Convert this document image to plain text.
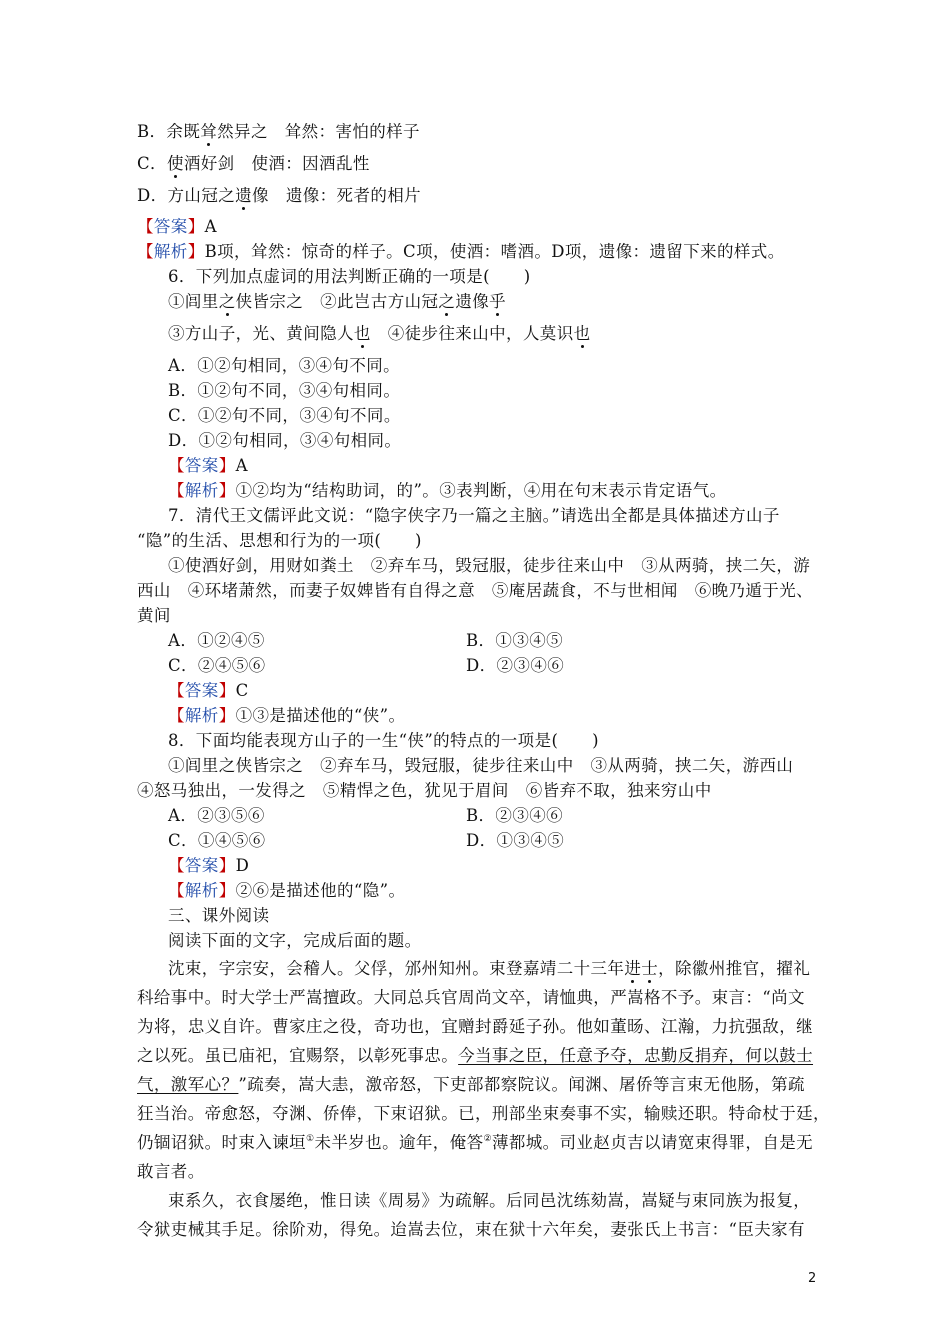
B．余既耸然异之　耸然：害怕的样子
C．使酒好剑　使酒：因酒乱性
D．方山冠之遗像　遗像：死者的相片
【答案】A
【解析】B项，耸然：惊奇的样子。C项，使酒：嗜酒。D项，遗像：遗留下来的样式。
6．下列加点虚词的用法判断正确的一项是(　　)
①闾里之侠皆宗之　②此岂古方山冠之遗像乎
③方山子，光、黄间隐人也　④徒步往来山中，人莫识也
A．①②句相同，③④句不同。
B．①②句不同，③④句相同。
C．①②句不同，③④句不同。
D．①②句相同，③④句相同。
【答案】A
【解析】①②均为“结构助词，的”。③表判断，④用在句末表示肯定语气。
7．清代王文儒评此文说：“隐字侠字乃一篇之主脑。”请选出全都是具体描述方山子
“隐”的生活、思想和行为的一项(　　)
①使酒好剑，用财如粪土　②弃车马，毁冠服，徒步往来山中　③从两骑，挟二矢，游
西山　④环堵萧然，而妻子奴婢皆有自得之意　⑤庵居蔬食，不与世相闻　⑥晚乃遁于光、
黄间
A．①②④⑤	B．①③④⑤
C．②④⑤⑥	D．②③④⑥
【答案】C
【解析】①③是描述他的“侠”。
8．下面均能表现方山子的一生“侠”的特点的一项是(　　)
①闾里之侠皆宗之　②弃车马，毁冠服，徒步往来山中　③从两骑，挟二矢，游西山
④怒马独出，一发得之　⑤精悍之色，犹见于眉间　⑥皆弃不取，独来穷山中
A．②③⑤⑥	B．②③④⑥
C．①④⑤⑥	D．①③④⑤
【答案】D
【解析】②⑥是描述他的“隐”。
三、课外阅读
阅读下面的文字，完成后面的题。
沈束，字宗安，会稽人。父俘，邠州知州。束登嘉靖二十三年进士，除徽州推官，擢礼
科给事中。时大学士严嵩擅政。大同总兵官周尚文卒，请恤典，严嵩格不予。束言：“尚文
为将，忠义自许。曹家庄之役，奇功也，宜赠封爵延子孙。他如董旸、江瀚，力抗强敌，继
之以死。虽已庙祀，宜赐祭，以彰死事忠。今当事之臣，任意予夺，忠勤反捐弃，何以鼓士
气，激军心？”疏奏，嵩大恚，激帝怒，下吏部都察院议。闻渊、屠侨等言束无他肠，第疏
狂当治。帝愈怒，夺渊、侨俸，下束诏狱。已，刑部坐束奏事不实，输赎还职。特命杖于廷，
仍锢诏狱。时束入谏垣①未半岁也。逾年，俺答②薄都城。司业赵贞吉以请宽束得罪，自是无
敢言者。
束系久，衣食屡绝，惟日读《周易》为疏解。后同邑沈练劾嵩，嵩疑与束同族为报复，
令狱吏械其手足。徐阶劝，得免。迨嵩去位，束在狱十六年矣，妻张氏上书言：“臣夫家有
2
